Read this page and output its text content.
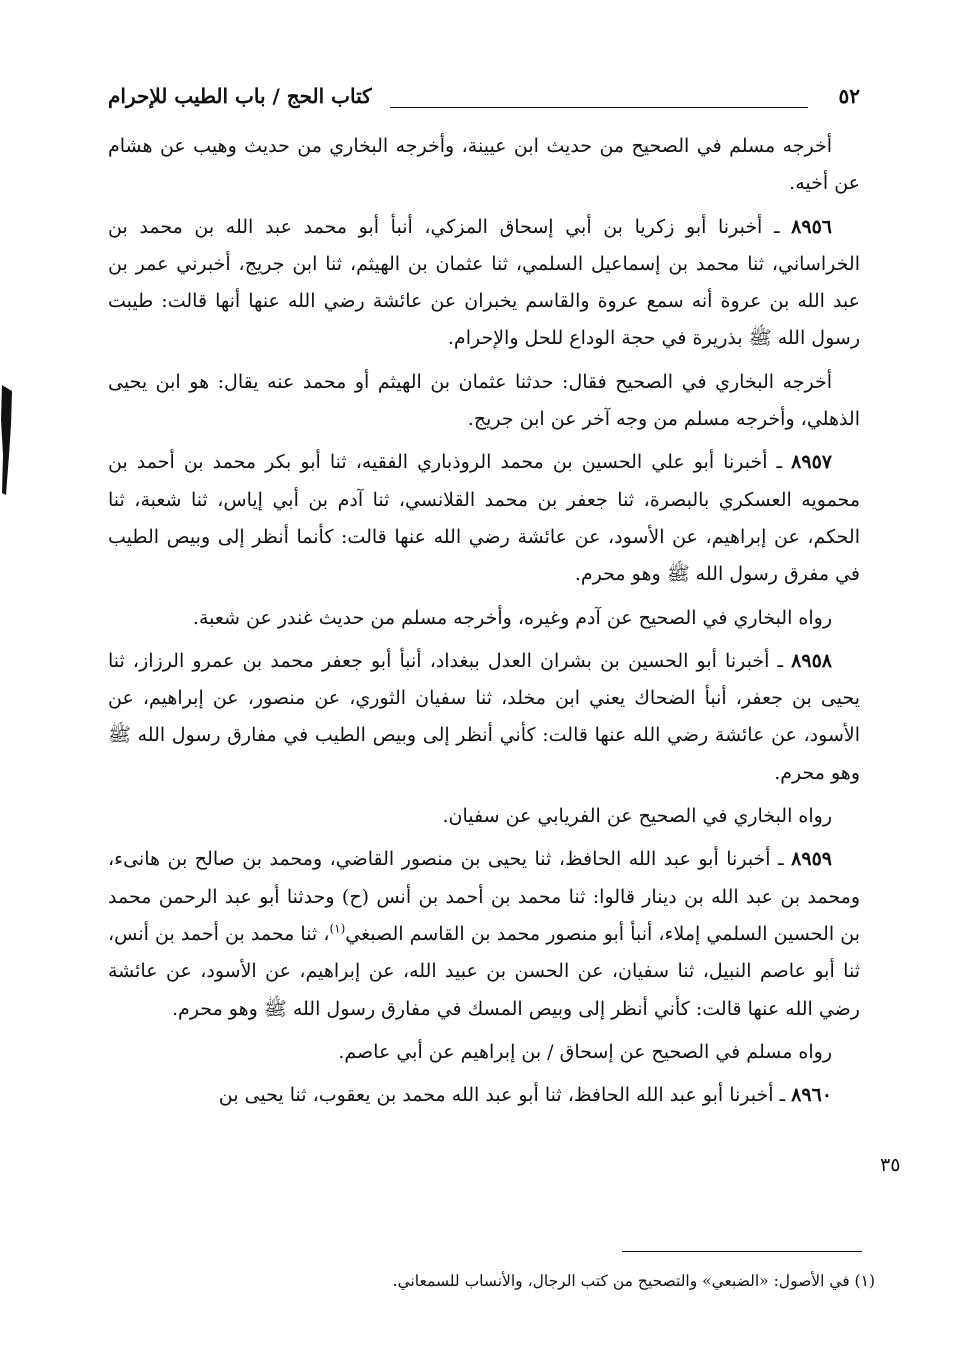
كتاب الحج / باب الطيب للإحرام	٥٢

أخرجه مسلم في الصحيح من حديث ابن عيينة، وأخرجه البخاري من حديث وهيب عن هشام عن أخيه.

٨٩٥٦ ـ أخبرنا أبو زكريا بن أبي إسحاق المزكي، أنبأ أبو محمد عبد الله بن محمد بن الخراساني، ثنا محمد بن إسماعيل السلمي، ثنا عثمان بن الهيثم، ثنا ابن جريج، أخبرني عمر بن عبد الله بن عروة أنه سمع عروة والقاسم يخبران عن عائشة رضي الله عنها أنها قالت: طيبت رسول الله ﷺ بذريرة في حجة الوداع للحل والإحرام.

أخرجه البخاري في الصحيح فقال: حدثنا عثمان بن الهيثم أو محمد عنه يقال: هو ابن يحيى الذهلي، وأخرجه مسلم من وجه آخر عن ابن جريج.

٨٩٥٧ ـ أخبرنا أبو علي الحسين بن محمد الروذباري الفقيه، ثنا أبو بكر محمد بن أحمد بن محمويه العسكري بالبصرة، ثنا جعفر بن محمد القلانسي، ثنا آدم بن أبي إياس، ثنا شعبة، ثنا الحكم، عن إبراهيم، عن الأسود، عن عائشة رضي الله عنها قالت: كأنما أنظر إلى وبيص الطيب في مفرق رسول الله ﷺ وهو محرم.

رواه البخاري في الصحيح عن آدم وغيره، وأخرجه مسلم من حديث غندر عن شعبة.

٨٩٥٨ ـ أخبرنا أبو الحسين بن بشران العدل ببغداد، أنبأ أبو جعفر محمد بن عمرو الرزاز، ثنا يحيى بن جعفر، أنبأ الضحاك يعني ابن مخلد، ثنا سفيان الثوري، عن منصور، عن إبراهيم، عن الأسود، عن عائشة رضي الله عنها قالت: كأني أنظر إلى وبيص الطيب في مفارق رسول الله ﷺ وهو محرم.

رواه البخاري في الصحيح عن الفريابي عن سفيان.

٨٩٥٩ ـ أخبرنا أبو عبد الله الحافظ، ثنا يحيى بن منصور القاضي، ومحمد بن صالح بن هانىء، ومحمد بن عبد الله بن دينار قالوا: ثنا محمد بن أحمد بن أنس (ح) وحدثنا أبو عبد الرحمن محمد بن الحسين السلمي إملاء، أنبأ أبو منصور محمد بن القاسم الصبغي$^{(١)}$، ثنا محمد بن أحمد بن أنس، ثنا أبو عاصم النبيل، ثنا سفيان، عن الحسن بن عبيد الله، عن إبراهيم، عن الأسود، عن عائشة رضي الله عنها قالت: كأني أنظر إلى وبيص المسك في مفارق رسول الله ﷺ وهو محرم.

رواه مسلم في الصحيح عن إسحاق / بن إبراهيم عن أبي عاصم.

٨٩٦٠ ـ أخبرنا أبو عبد الله الحافظ، ثنا أبو عبد الله محمد بن يعقوب، ثنا يحيى بن

٣٥
(١) في الأصول: «الضبعي» والتصحيح من كتب الرجال، والأنساب للسمعاني.
